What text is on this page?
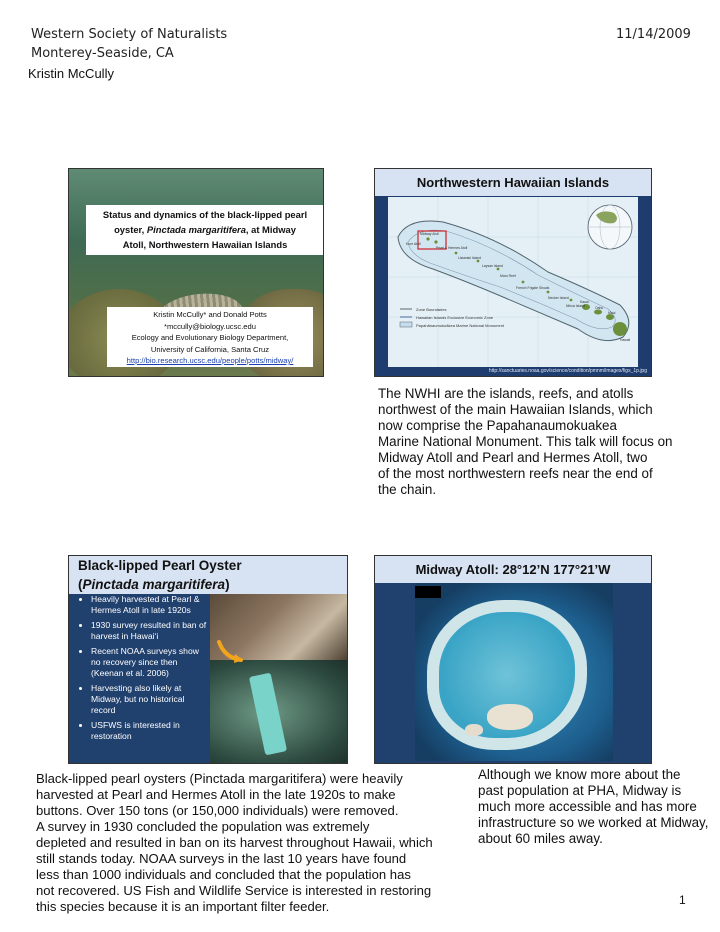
Western Society of Naturalists
Monterey-Seaside, CA
11/14/2009
Kristin McCully
Status and dynamics of the black-lipped pearl
oyster, Pinctada margaritifera, at Midway
Atoll, Northwestern Hawaiian Islands
Kristin McCully* and Donald Potts
*mccully@biology.ucsc.edu
Ecology and Evolutionary Biology Department,
University of California, Santa Cruz
http://bio.research.ucsc.edu/people/potts/midway/
Northwestern Hawaiian Islands
Zone Boundaries
Hawaiian Islands Exclusive Economic Zone
Papahānaumokuākea Marine National Monument
Midway Atoll
Kure Atoll
Pearl & Hermes Atoll
Lisianski Island
Laysan Island
Maro Reef
French Frigate Shoals
Necker Island
Nihoa Island
Kauai
Oahu
Maui
Hawaii
http://sanctuaries.noaa.gov/science/condition/pmnm/images/figs_1p.jpg
The NWHI are the islands, reefs, and atolls
northwest of the main Hawaiian Islands, which
now comprise the Papahanaumokuakea
Marine National Monument. This talk will focus on
Midway Atoll and Pearl and Hermes Atoll, two
of the most northwestern reefs near the end of
the chain.
Black-lipped Pearl Oyster
(Pinctada margaritifera)
• Heavily harvested at Pearl & Hermes Atoll in late 1920s
• 1930 survey resulted in ban of harvest in Hawai‘i
• Recent NOAA surveys show no recovery since then (Keenan et al. 2006)
• Harvesting also likely at Midway, but no historical record
• USFWS is interested in restoration
Midway Atoll: 28°12’N 177°21’W
Black-lipped pearl oysters (Pinctada margaritifera) were heavily
harvested at Pearl and Hermes Atoll in the late 1920s to make
buttons. Over 150 tons (or 150,000 individuals) were removed.
A survey in 1930 concluded the population was extremely
depleted and resulted in ban on its harvest throughout Hawaii, which
still stands today. NOAA surveys in the last 10 years have found
less than 1000 individuals and concluded that the population has
not recovered. US Fish and Wildlife Service is interested in restoring
this species because it is an important filter feeder.
Although we know more about the
past population at PHA, Midway is
much more accessible and has more
infrastructure so we worked at Midway,
about 60 miles away.
1
